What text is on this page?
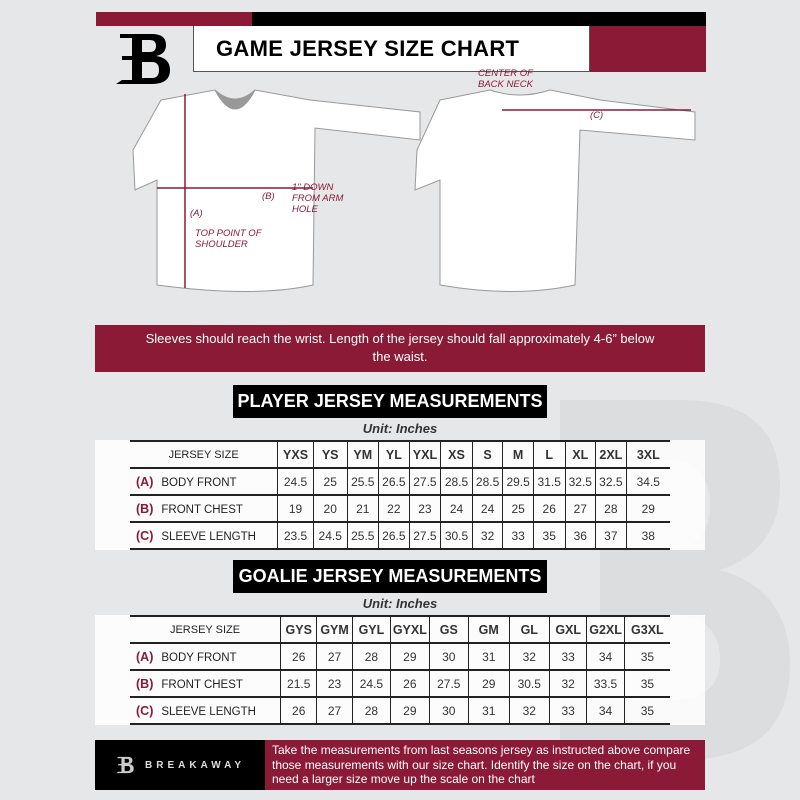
GAME JERSEY SIZE CHART
(A)
TOP POINT OF SHOULDER
(B)
1" DOWN FROM ARM HOLE
(C)
CENTER OF BACK NECK
Sleeves should reach the wrist. Length of the jersey should fall approximately 4-6” below the waist.
PLAYER JERSEY MEASUREMENTS
Unit: Inches
JERSEY SIZE	YXS	YS	YM	YL	YXL	XS	S	M	L	XL	2XL	3XL
(A) BODY FRONT	24.5	25	25.5	26.5	27.5	28.5	28.5	29.5	31.5	32.5	32.5	34.5
(B) FRONT CHEST	19	20	21	22	23	24	24	25	26	27	28	29
(C) SLEEVE LENGTH	23.5	24.5	25.5	26.5	27.5	30.5	32	33	35	36	37	38
GOALIE JERSEY MEASUREMENTS
Unit: Inches
JERSEY SIZE	GYS	GYM	GYL	GYXL	GS	GM	GL	GXL	G2XL	G3XL
(A) BODY FRONT	26	27	28	29	30	31	32	33	34	35
(B) FRONT CHEST	21.5	23	24.5	26	27.5	29	30.5	32	33.5	35
(C) SLEEVE LENGTH	26	27	28	29	30	31	32	33	34	35
BREAKAWAY
Take the measurements from last seasons jersey as instructed above compare those measurements with our size chart. Identify the size on the chart, if you need a larger size move up the scale on the chart
